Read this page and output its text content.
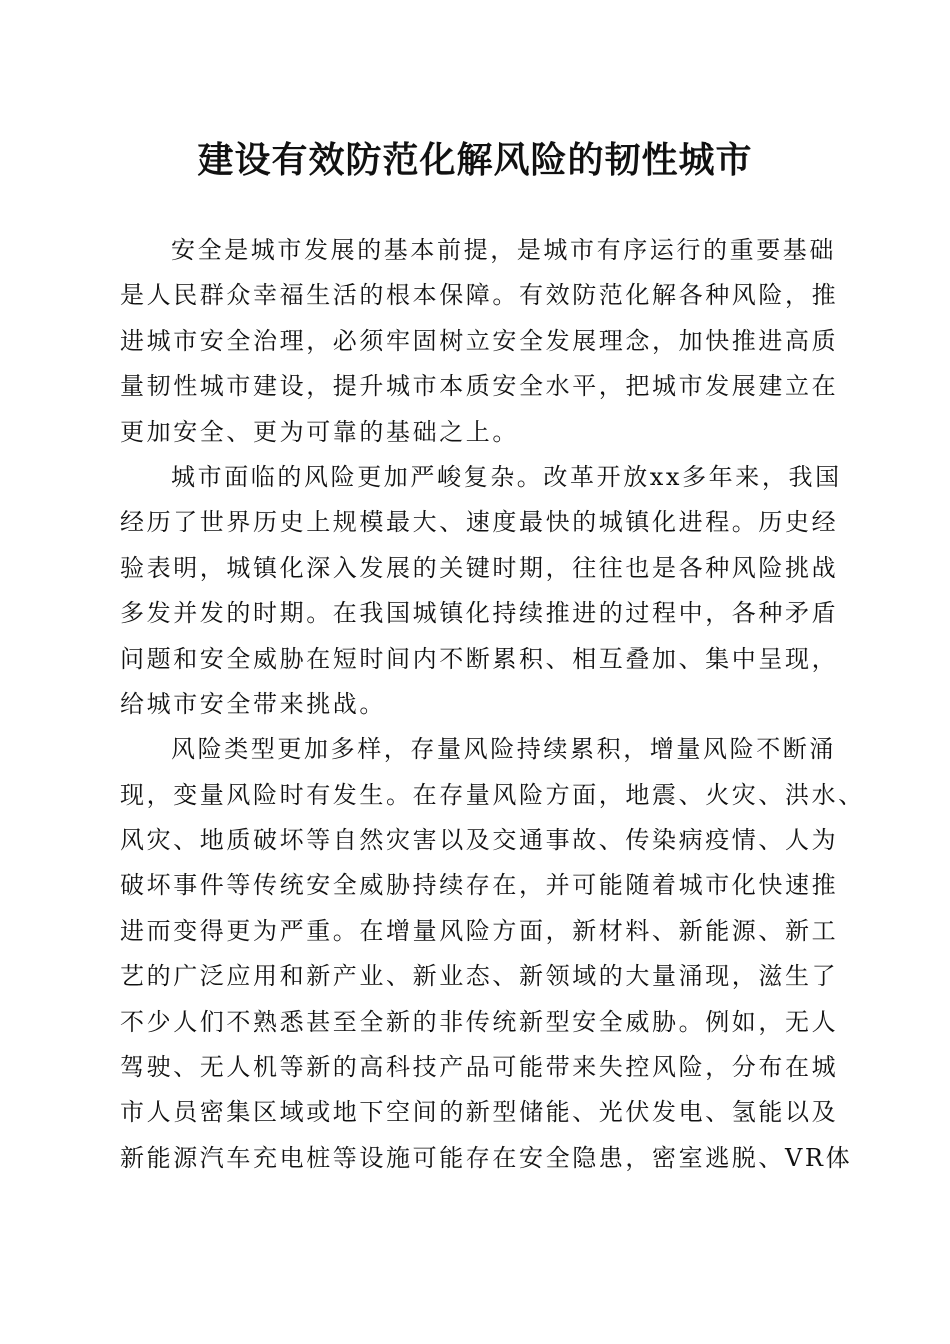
建设有效防范化解风险的韧性城市
安全是城市发展的基本前提，是城市有序运行的重要基础
是人民群众幸福生活的根本保障。有效防范化解各种风险，推
进城市安全治理，必须牢固树立安全发展理念，加快推进高质
量韧性城市建设，提升城市本质安全水平，把城市发展建立在
更加安全、更为可靠的基础之上。
城市面临的风险更加严峻复杂。改革开放xx多年来，我国
经历了世界历史上规模最大、速度最快的城镇化进程。历史经
验表明，城镇化深入发展的关键时期，往往也是各种风险挑战
多发并发的时期。在我国城镇化持续推进的过程中，各种矛盾
问题和安全威胁在短时间内不断累积、相互叠加、集中呈现，
给城市安全带来挑战。
风险类型更加多样，存量风险持续累积，增量风险不断涌
现，变量风险时有发生。在存量风险方面，地震、火灾、洪水、
风灾、地质破坏等自然灾害以及交通事故、传染病疫情、人为
破坏事件等传统安全威胁持续存在，并可能随着城市化快速推
进而变得更为严重。在增量风险方面，新材料、新能源、新工
艺的广泛应用和新产业、新业态、新领域的大量涌现，滋生了
不少人们不熟悉甚至全新的非传统新型安全威胁。例如，无人
驾驶、无人机等新的高科技产品可能带来失控风险，分布在城
市人员密集区域或地下空间的新型储能、光伏发电、氢能以及
新能源汽车充电桩等设施可能存在安全隐患，密室逃脱、VR体
